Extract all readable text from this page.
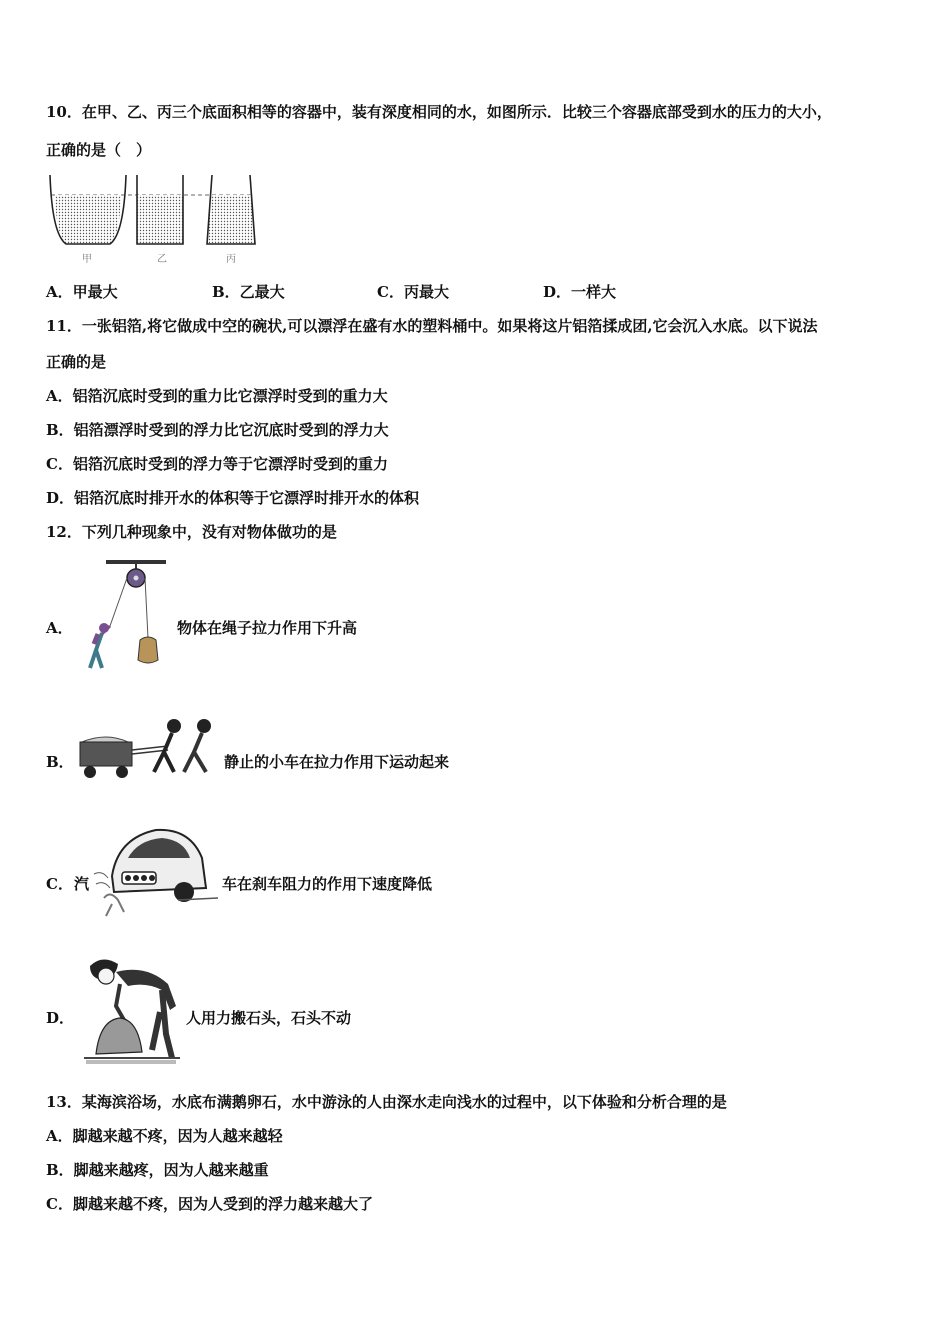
10．在甲、乙、丙三个底面积相等的容器中，装有深度相同的水，如图所示．比较三个容器底部受到水的压力的大小，
正确的是（　）
甲	乙	丙
A．甲最大	B．乙最大	C．丙最大	D．一样大
11．一张铝箔,将它做成中空的碗状,可以漂浮在盛有水的塑料桶中。如果将这片铝箔揉成团,它会沉入水底。以下说法
正确的是
A．铝箔沉底时受到的重力比它漂浮时受到的重力大
B．铝箔漂浮时受到的浮力比它沉底时受到的浮力大
C．铝箔沉底时受到的浮力等于它漂浮时受到的重力
D．铝箔沉底时排开水的体积等于它漂浮时排开水的体积
12．下列几种现象中，没有对物体做功的是
A．	物体在绳子拉力作用下升高
B．	静止的小车在拉力作用下运动起来
C． 汽	车在刹车阻力的作用下速度降低
D．	人用力搬石头，石头不动
13．某海滨浴场，水底布满鹅卵石，水中游泳的人由深水走向浅水的过程中，以下体验和分析合理的是
A．脚越来越不疼，因为人越来越轻
B．脚越来越疼，因为人越来越重
C．脚越来越不疼，因为人受到的浮力越来越大了
